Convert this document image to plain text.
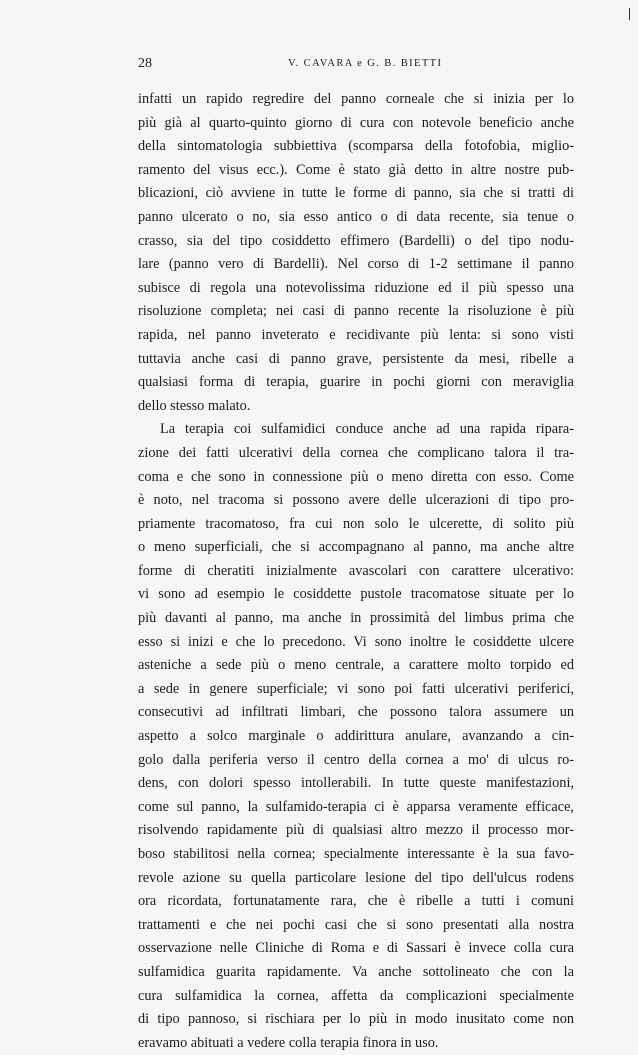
28	V. CAVARA e G. B. BIETTI
infatti un rapido regredire del panno corneale che si inizia per lo
più già al quarto-quinto giorno di cura con notevole beneficio anche
della sintomatologia subbiettiva (scomparsa della fotofobia, miglio-
ramento del visus ecc.). Come è stato già detto in altre nostre pub-
blicazioni, ciò avviene in tutte le forme di panno, sia che si tratti di
panno ulcerato o no, sia esso antico o di data recente, sia tenue o
crasso, sia del tipo cosiddetto effimero (Bardelli) o del tipo nodu-
lare (panno vero di Bardelli). Nel corso di 1-2 settimane il panno
subisce di regola una notevolissima riduzione ed il più spesso una
risoluzione completa; nei casi di panno recente la risoluzione è più
rapida, nel panno inveterato e recidivante più lenta: si sono visti
tuttavia anche casi di panno grave, persistente da mesi, ribelle a
qualsiasi forma di terapia, guarire in pochi giorni con meraviglia
dello stesso malato.
La terapia coi sulfamidici conduce anche ad una rapida ripara-
zione dei fatti ulcerativi della cornea che complicano talora il tra-
coma e che sono in connessione più o meno diretta con esso. Come
è noto, nel tracoma si possono avere delle ulcerazioni di tipo pro-
priamente tracomatoso, fra cui non solo le ulcerette, di solito più
o meno superficiali, che si accompagnano al panno, ma anche altre
forme di cheratiti inizialmente avascolari con carattere ulcerativo:
vi sono ad esempio le cosiddette pustole tracomatose situate per lo
più davanti al panno, ma anche in prossimità del limbus prima che
esso si inizi e che lo precedono. Vi sono inoltre le cosiddette ulcere
asteniche a sede più o meno centrale, a carattere molto torpido ed
a sede in genere superficiale; vi sono poi fatti ulcerativi periferici,
consecutivi ad infiltrati limbari, che possono talora assumere un
aspetto a solco marginale o addirittura anulare, avanzando a cin-
golo dalla periferia verso il centro della cornea a mo' di ulcus ro-
dens, con dolori spesso intollerabili. In tutte queste manifestazioni,
come sul panno, la sulfamido-terapia ci è apparsa veramente efficace,
risolvendo rapidamente più di qualsiasi altro mezzo il processo mor-
boso stabilitosi nella cornea; specialmente interessante è la sua favo-
revole azione su quella particolare lesione del tipo dell'ulcus rodens
ora ricordata, fortunatamente rara, che è ribelle a tutti i comuni
trattamenti e che nei pochi casi che si sono presentati alla nostra
osservazione nelle Cliniche di Roma e di Sassari è invece colla cura
sulfamidica guarita rapidamente. Va anche sottolineato che con la
cura sulfamidica la cornea, affetta da complicazioni specialmente
di tipo pannoso, si rischiara per lo più in modo inusitato come non
eravamo abituati a vedere colla terapia finora in uso.
